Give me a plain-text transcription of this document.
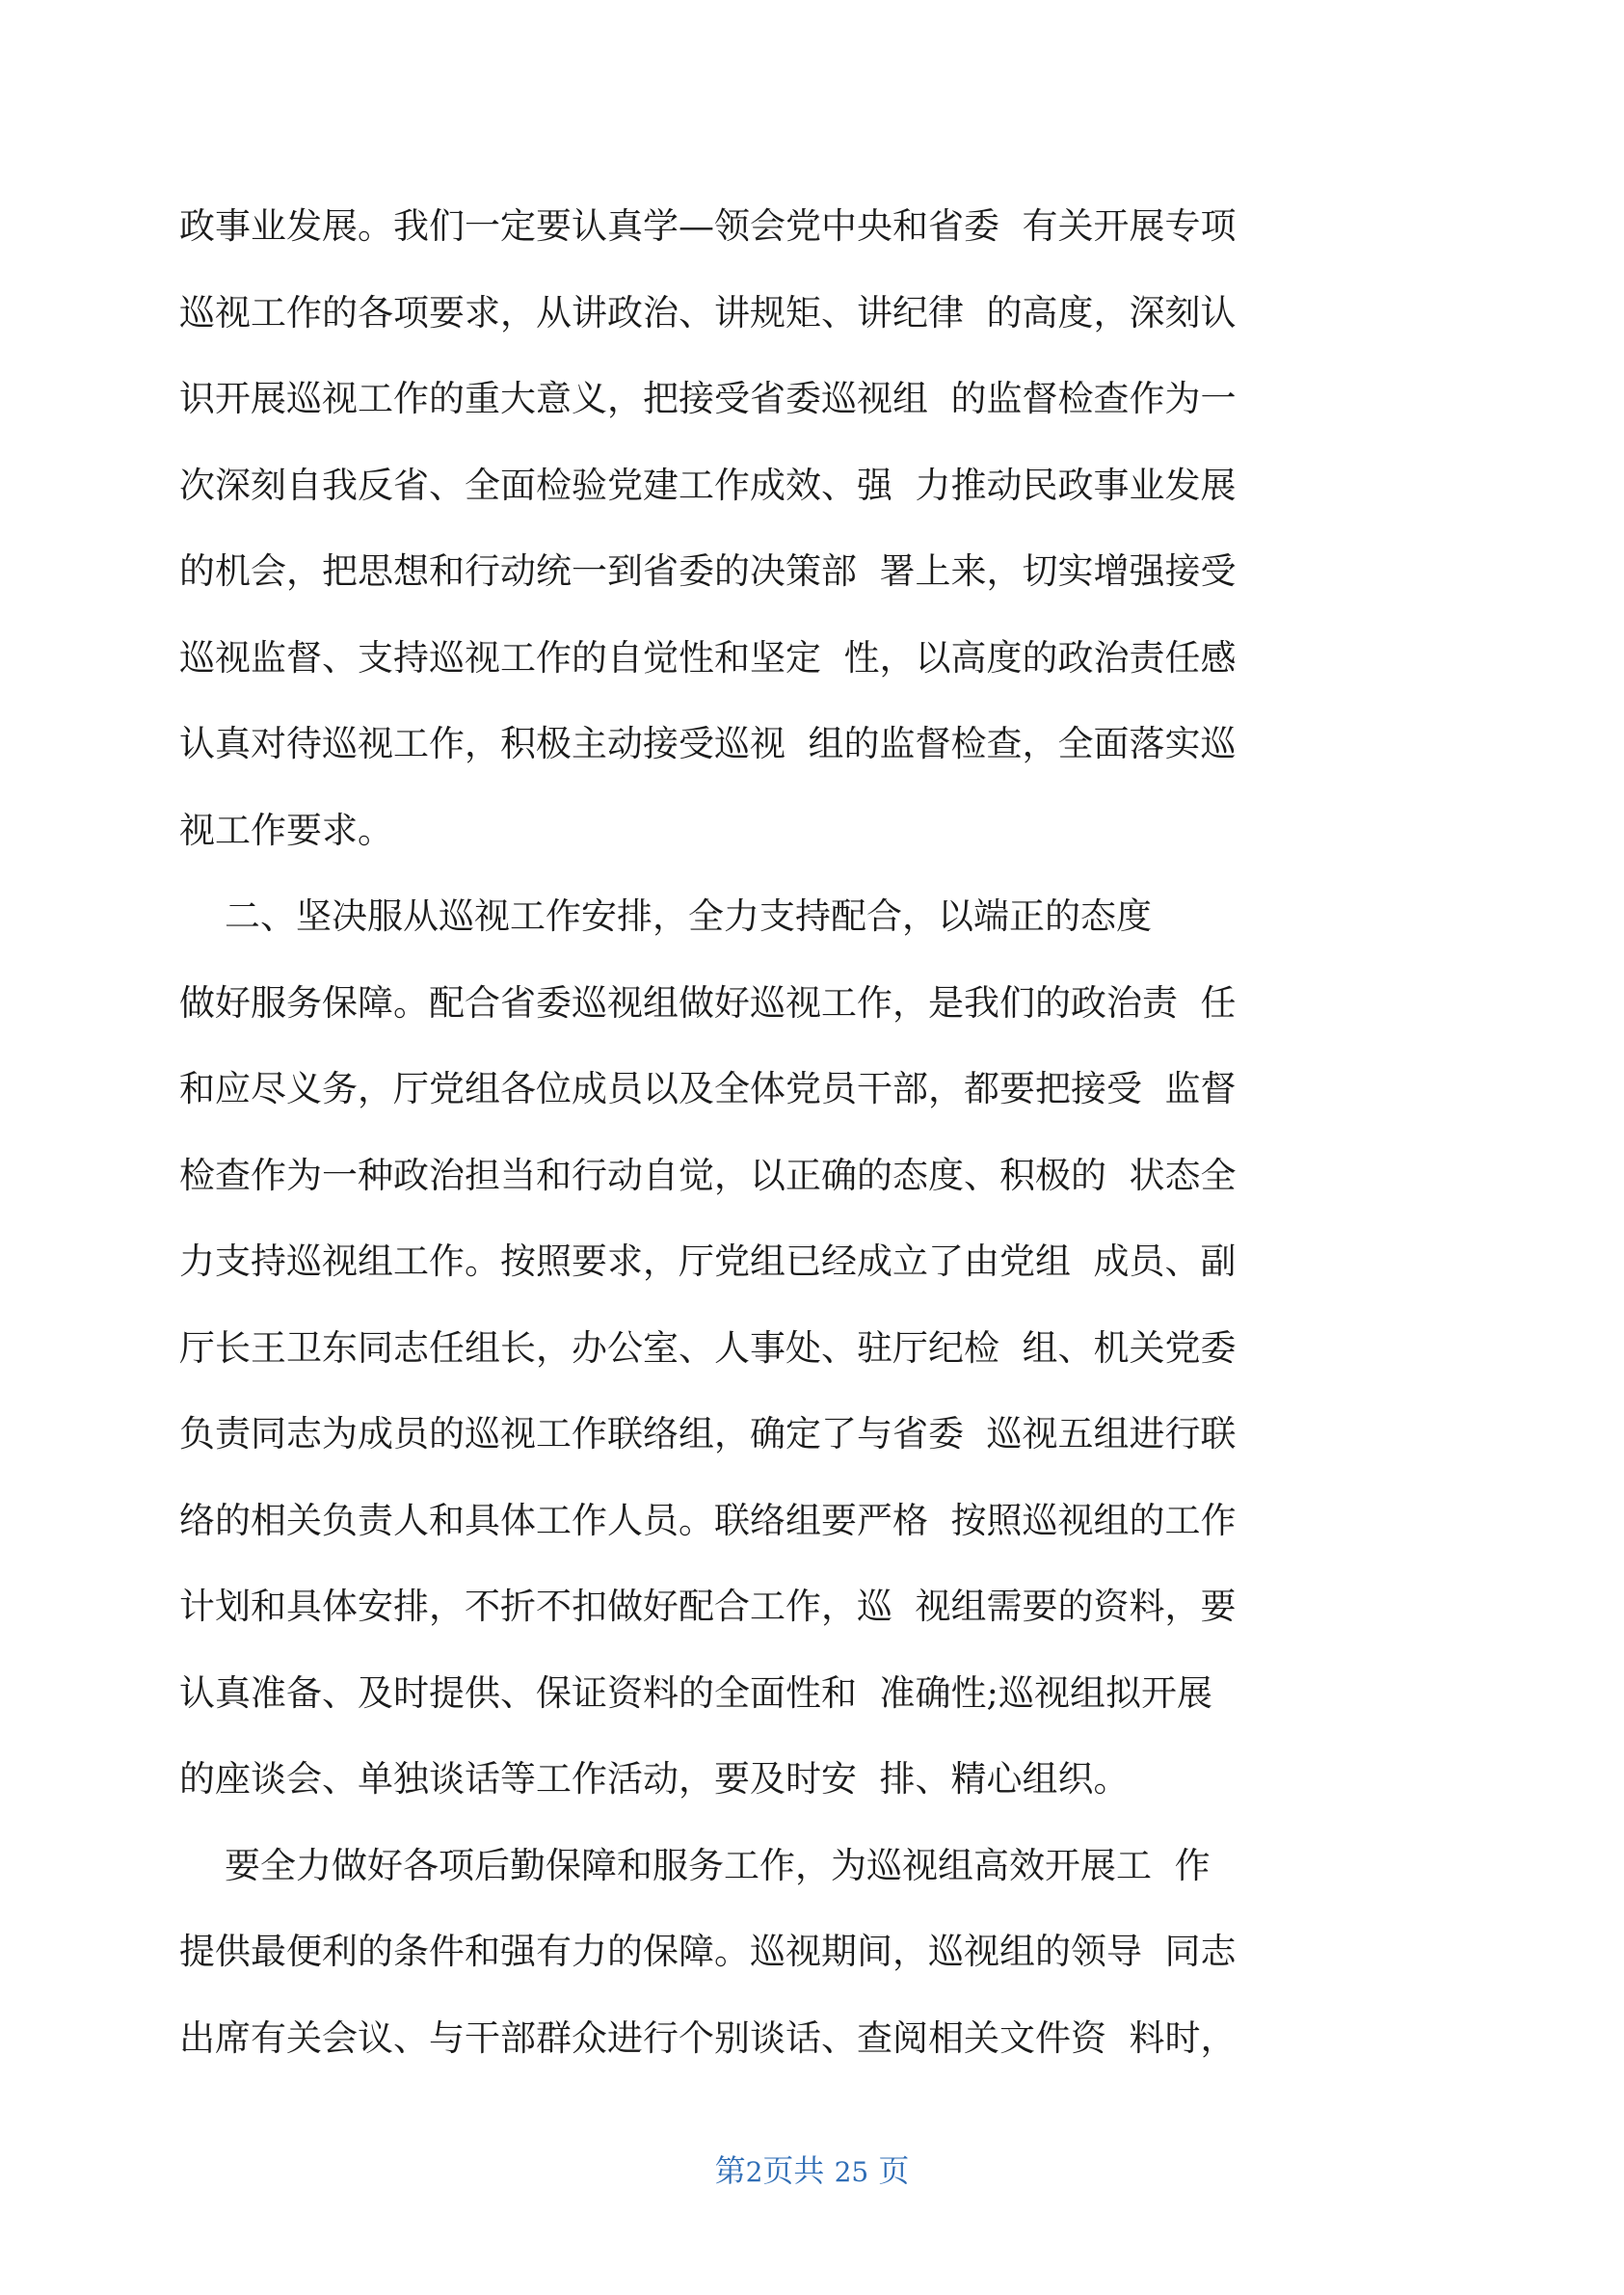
政事业发展。我们一定要认真学—领会党中央和省委  有关开展专项
巡视工作的各项要求，从讲政治、讲规矩、讲纪律  的高度，深刻认
识开展巡视工作的重大意义，把接受省委巡视组  的监督检查作为一
次深刻自我反省、全面检验党建工作成效、强  力推动民政事业发展
的机会，把思想和行动统一到省委的决策部  署上来，切实增强接受
巡视监督、支持巡视工作的自觉性和坚定  性，以高度的政治责任感
认真对待巡视工作，积极主动接受巡视  组的监督检查，全面落实巡
视工作要求。
二、坚决服从巡视工作安排，全力支持配合，以端正的态度
做好服务保障。配合省委巡视组做好巡视工作，是我们的政治责  任
和应尽义务，厅党组各位成员以及全体党员干部，都要把接受  监督
检查作为一种政治担当和行动自觉，以正确的态度、积极的  状态全
力支持巡视组工作。按照要求，厅党组已经成立了由党组  成员、副
厅长王卫东同志任组长，办公室、人事处、驻厅纪检  组、机关党委
负责同志为成员的巡视工作联络组，确定了与省委  巡视五组进行联
络的相关负责人和具体工作人员。联络组要严格  按照巡视组的工作
计划和具体安排，不折不扣做好配合工作，巡  视组需要的资料，要
认真准备、及时提供、保证资料的全面性和  准确性;巡视组拟开展
的座谈会、单独谈话等工作活动，要及时安  排、精心组织。
要全力做好各项后勤保障和服务工作，为巡视组高效开展工  作
提供最便利的条件和强有力的保障。巡视期间，巡视组的领导  同志
出席有关会议、与干部群众进行个别谈话、查阅相关文件资  料时，
第2页共 25 页
